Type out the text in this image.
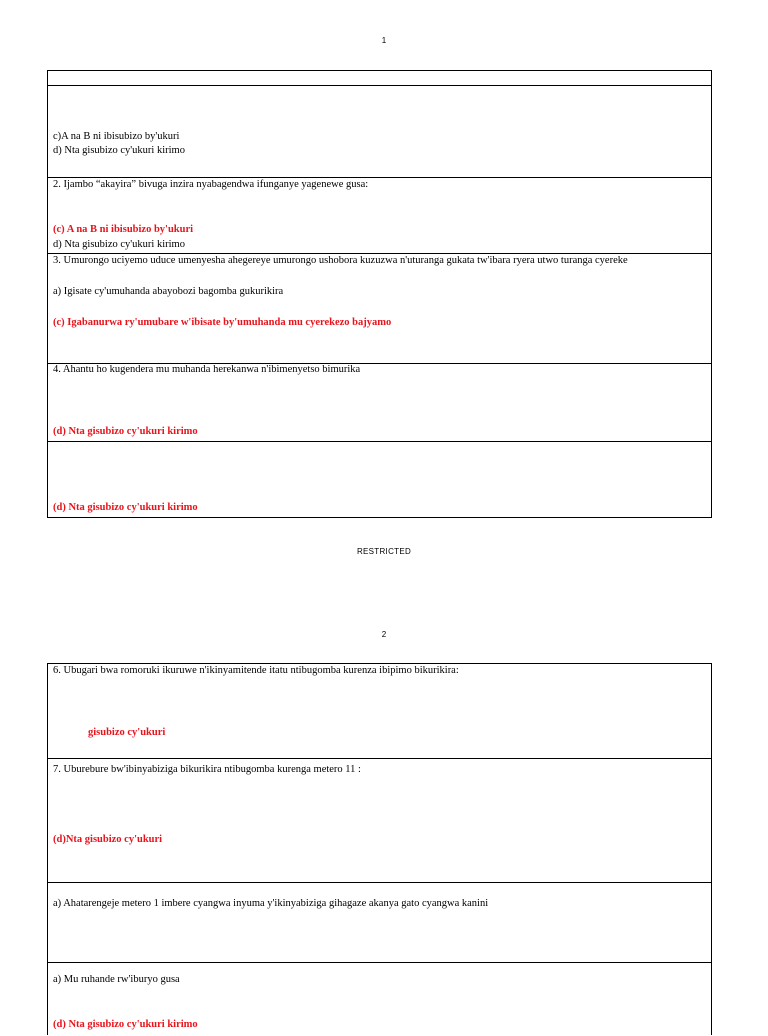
1
c)A na B ni ibisubizo by'ukuri
d) Nta gisubizo cy'ukuri kirimo
2. Ijambo “akayira” bivuga inzira nyabagendwa ifunganye yagenewe gusa:
(c) A na B ni ibisubizo by'ukuri
d) Nta gisubizo cy'ukuri kirimo
3. Umurongo uciyemo uduce umenyesha ahegereye umurongo ushobora kuzuzwa n'uturanga gukata tw'ibara ryera utwo turanga cyereke
a) Igisate cy'umuhanda abayobozi bagomba gukurikira
(c) Igabanurwa ry'umubare w'ibisate by'umuhanda mu cyerekezo bajyamo
4. Ahantu ho kugendera mu muhanda herekanwa n'ibimenyetso bimurika
(d) Nta gisubizo cy'ukuri kirimo
(d) Nta gisubizo cy'ukuri kirimo
RESTRICTED
2
6. Ubugari bwa romoruki ikuruwe n'ikinyamitende itatu ntibugomba kurenza ibipimo bikurikira:
gisubizo cy'ukuri
7. Uburebure bw'ibinyabiziga bikurikira ntibugomba kurenga metero 11 :
(d)Nta gisubizo cy'ukuri
a) Ahatarengeje metero 1 imbere cyangwa inyuma y'ikinyabiziga gihagaze akanya gato cyangwa kanini
a) Mu ruhande rw'iburyo gusa
(d) Nta gisubizo cy'ukuri kirimo
